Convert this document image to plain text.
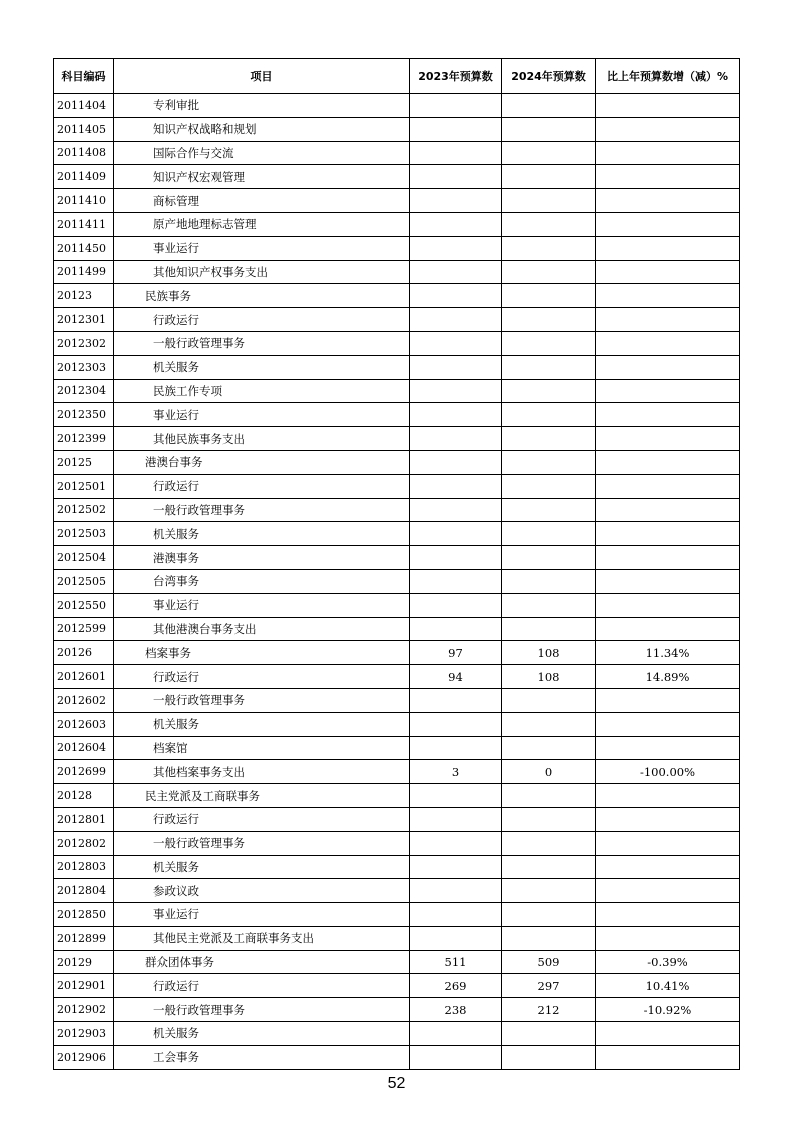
科目编码	项目	2023年预算数	2024年预算数	比上年预算数增（减）%
2011404	专利审批			
2011405	知识产权战略和规划			
2011408	国际合作与交流			
2011409	知识产权宏观管理			
2011410	商标管理			
2011411	原产地地理标志管理			
2011450	事业运行			
2011499	其他知识产权事务支出			
20123	民族事务			
2012301	行政运行			
2012302	一般行政管理事务			
2012303	机关服务			
2012304	民族工作专项			
2012350	事业运行			
2012399	其他民族事务支出			
20125	港澳台事务			
2012501	行政运行			
2012502	一般行政管理事务			
2012503	机关服务			
2012504	港澳事务			
2012505	台湾事务			
2012550	事业运行			
2012599	其他港澳台事务支出			
20126	档案事务	97	108	11.34%
2012601	行政运行	94	108	14.89%
2012602	一般行政管理事务			
2012603	机关服务			
2012604	档案馆			
2012699	其他档案事务支出	3	0	-100.00%
20128	民主党派及工商联事务			
2012801	行政运行			
2012802	一般行政管理事务			
2012803	机关服务			
2012804	参政议政			
2012850	事业运行			
2012899	其他民主党派及工商联事务支出			
20129	群众团体事务	511	509	-0.39%
2012901	行政运行	269	297	10.41%
2012902	一般行政管理事务	238	212	-10.92%
2012903	机关服务			
2012906	工会事务			
52
